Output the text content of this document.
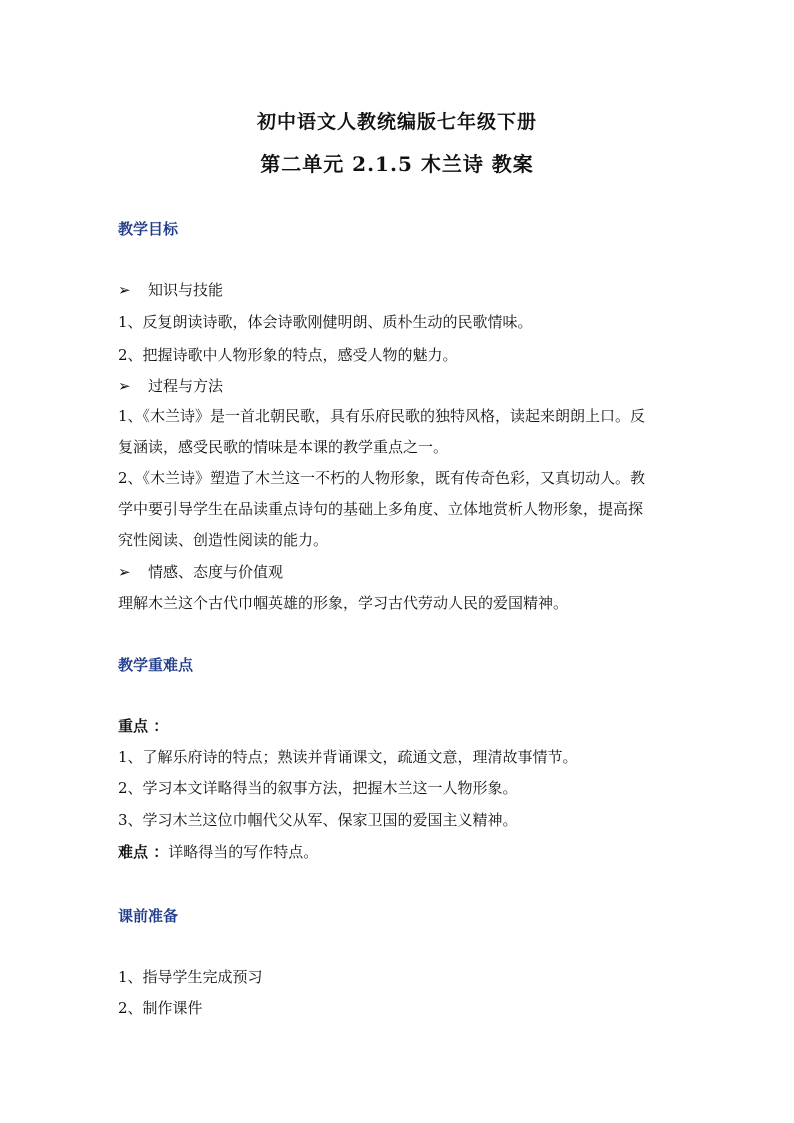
初中语文人教统编版七年级下册
第二单元 2.1.5 木兰诗 教案
教学目标
➢ 知识与技能
1、反复朗读诗歌，体会诗歌刚健明朗、质朴生动的民歌情味。
2、把握诗歌中人物形象的特点，感受人物的魅力。
➢ 过程与方法
1、《木兰诗》是一首北朝民歌，具有乐府民歌的独特风格，读起来朗朗上口。反
复涵读，感受民歌的情味是本课的教学重点之一。
2、《木兰诗》塑造了木兰这一不朽的人物形象，既有传奇色彩，又真切动人。教
学中要引导学生在品读重点诗句的基础上多角度、立体地赏析人物形象，提高探
究性阅读、创造性阅读的能力。
➢ 情感、态度与价值观
理解木兰这个古代巾帼英雄的形象，学习古代劳动人民的爱国精神。
教学重难点
重点 ：
1、了解乐府诗的特点；熟读并背诵课文，疏通文意，理清故事情节。
2、学习本文详略得当的叙事方法，把握木兰这一人物形象。
3、学习木兰这位巾帼代父从军、保家卫国的爱国主义精神。
难点 ：详略得当的写作特点。
课前准备
1、指导学生完成预习
2、制作课件
